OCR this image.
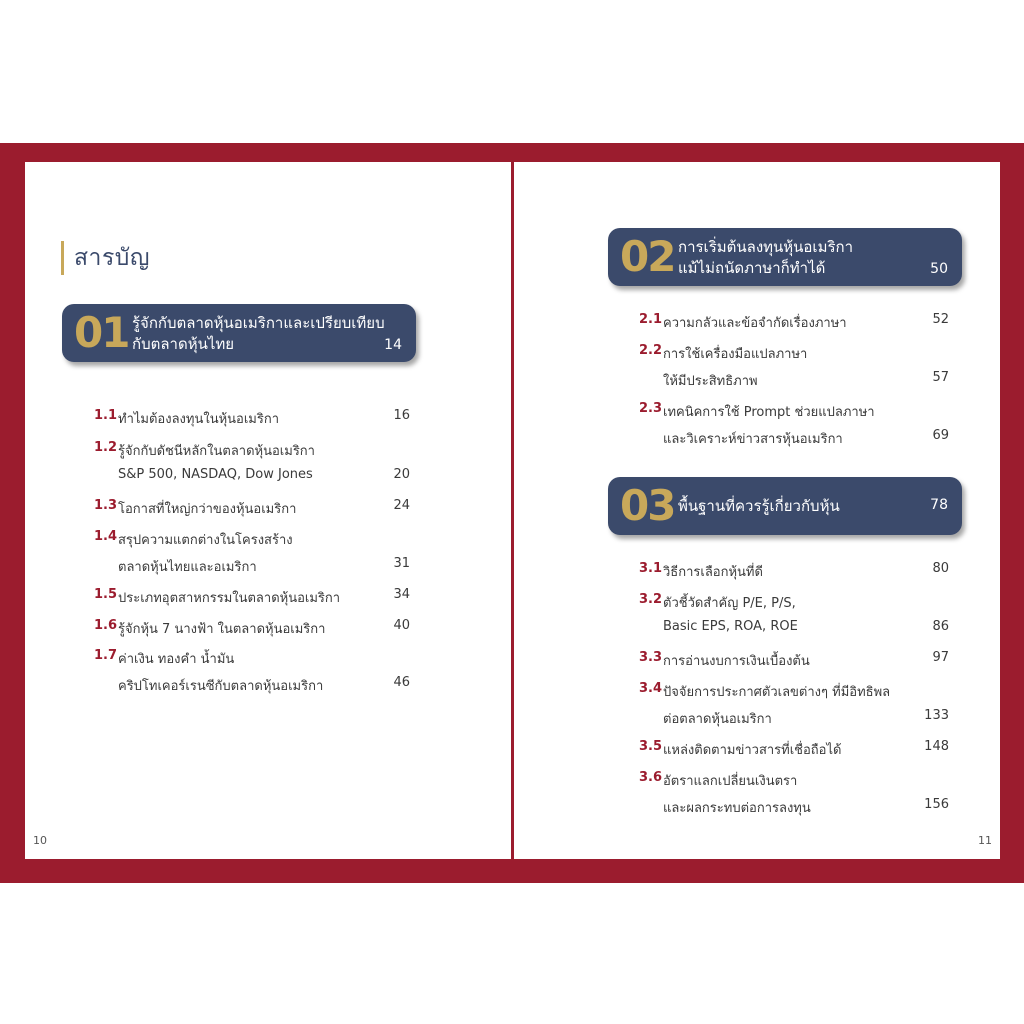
สารบัญ
01 รู้จักกับตลาดหุ้นอเมริกาและเปรียบเทียบ
กับตลาดหุ้นไทย	14
1.1 ทำไมต้องลงทุนในหุ้นอเมริกา	16
1.2 รู้จักกับดัชนีหลักในตลาดหุ้นอเมริกา
S&P 500, NASDAQ, Dow Jones	20
1.3 โอกาสที่ใหญ่กว่าของหุ้นอเมริกา	24
1.4 สรุปความแตกต่างในโครงสร้าง
ตลาดหุ้นไทยและอเมริกา	31
1.5 ประเภทอุตสาหกรรมในตลาดหุ้นอเมริกา	34
1.6 รู้จักหุ้น 7 นางฟ้า ในตลาดหุ้นอเมริกา	40
1.7 ค่าเงิน ทองคำ น้ำมัน
คริปโทเคอร์เรนซีกับตลาดหุ้นอเมริกา	46
10
02 การเริ่มต้นลงทุนหุ้นอเมริกา
แม้ไม่ถนัดภาษาก็ทำได้	50
2.1 ความกลัวและข้อจำกัดเรื่องภาษา	52
2.2 การใช้เครื่องมือแปลภาษา
ให้มีประสิทธิภาพ	57
2.3 เทคนิคการใช้ Prompt ช่วยแปลภาษา
และวิเคราะห์ข่าวสารหุ้นอเมริกา	69
03 พื้นฐานที่ควรรู้เกี่ยวกับหุ้น	78
3.1 วิธีการเลือกหุ้นที่ดี	80
3.2 ตัวชี้วัดสำคัญ P/E, P/S,
Basic EPS, ROA, ROE	86
3.3 การอ่านงบการเงินเบื้องต้น	97
3.4 ปัจจัยการประกาศตัวเลขต่างๆ ที่มีอิทธิพล
ต่อตลาดหุ้นอเมริกา	133
3.5 แหล่งติดตามข่าวสารที่เชื่อถือได้	148
3.6 อัตราแลกเปลี่ยนเงินตรา
และผลกระทบต่อการลงทุน	156
11
